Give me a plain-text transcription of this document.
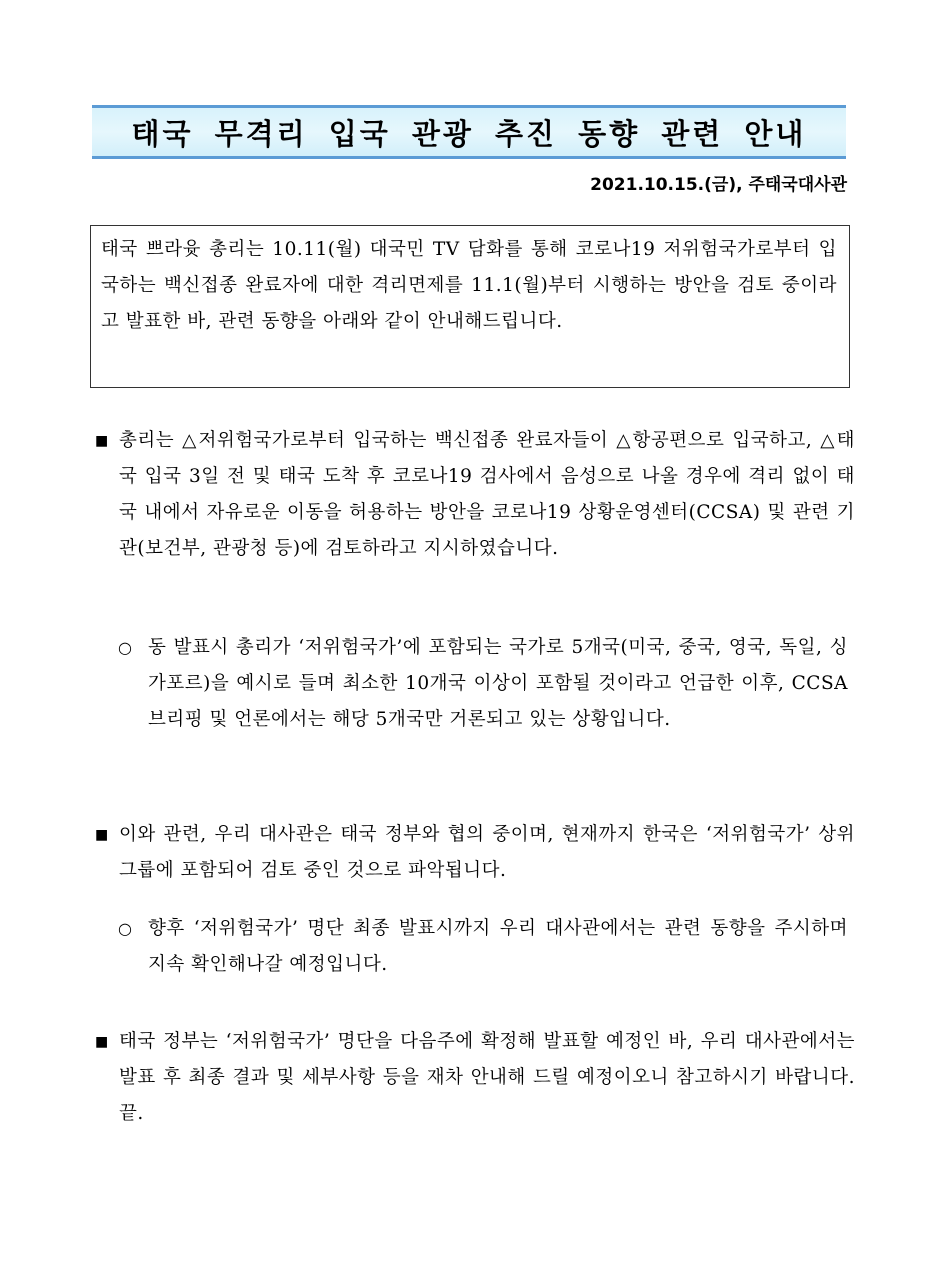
태국 무격리 입국 관광 추진 동향 관련 안내
2021.10.15.(금), 주태국대사관
태국 쁘라윳 총리는 10.11(월) 대국민 TV 담화를 통해 코로나19 저위험국가로부터 입국하는 백신접종 완료자에 대한 격리면제를 11.1(월)부터 시행하는 방안을 검토 중이라고 발표한 바, 관련 동향을 아래와 같이 안내해드립니다.
■ 총리는 △저위험국가로부터 입국하는 백신접종 완료자들이 △항공편으로 입국하고, △태국 입국 3일 전 및 태국 도착 후 코로나19 검사에서 음성으로 나올 경우에 격리 없이 태국 내에서 자유로운 이동을 허용하는 방안을 코로나19 상황운영센터(CCSA) 및 관련 기관(보건부, 관광청 등)에 검토하라고 지시하였습니다.
○ 동 발표시 총리가 ‘저위험국가’에 포함되는 국가로 5개국(미국, 중국, 영국, 독일, 싱가포르)을 예시로 들며 최소한 10개국 이상이 포함될 것이라고 언급한 이후, CCSA 브리핑 및 언론에서는 해당 5개국만 거론되고 있는 상황입니다.
■ 이와 관련, 우리 대사관은 태국 정부와 협의 중이며, 현재까지 한국은 ‘저위험국가’ 상위 그룹에 포함되어 검토 중인 것으로 파악됩니다.
○ 향후 ‘저위험국가’ 명단 최종 발표시까지 우리 대사관에서는 관련 동향을 주시하며 지속 확인해나갈 예정입니다.
■ 태국 정부는 ‘저위험국가’ 명단을 다음주에 확정해 발표할 예정인 바, 우리 대사관에서는 발표 후 최종 결과 및 세부사항 등을 재차 안내해 드릴 예정이오니 참고하시기 바랍니다. 끝.
